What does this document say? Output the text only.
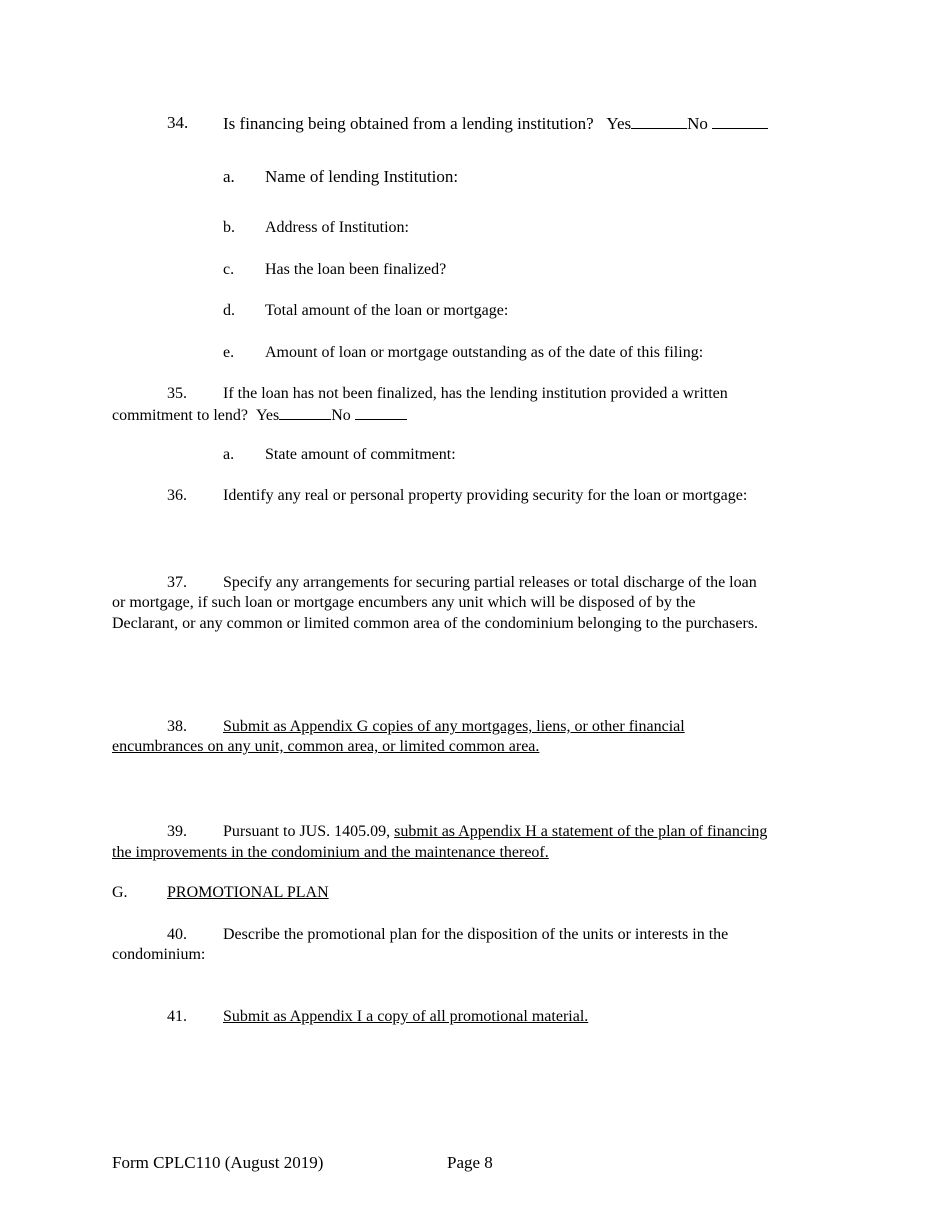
34. Is financing being obtained from a lending institution? Yes	No
a. Name of lending Institution:
b. Address of Institution:
c. Has the loan been finalized?
d. Total amount of the loan or mortgage:
e. Amount of loan or mortgage outstanding as of the date of this filing:
35. If the loan has not been finalized, has the lending institution provided a written
commitment to lend? Yes	No
a. State amount of commitment:
36. Identify any real or personal property providing security for the loan or mortgage:
37. Specify any arrangements for securing partial releases or total discharge of the loan
or mortgage, if such loan or mortgage encumbers any unit which will be disposed of by the
Declarant, or any common or limited common area of the condominium belonging to the purchasers.
38. Submit as Appendix G copies of any mortgages, liens, or other financial
encumbrances on any unit, common area, or limited common area.
39. Pursuant to JUS. 1405.09, submit as Appendix H a statement of the plan of financing
the improvements in the condominium and the maintenance thereof.
G. PROMOTIONAL PLAN
40. Describe the promotional plan for the disposition of the units or interests in the
condominium:
41. Submit as Appendix I a copy of all promotional material.
Form CPLC110 (August 2019)	Page 8
